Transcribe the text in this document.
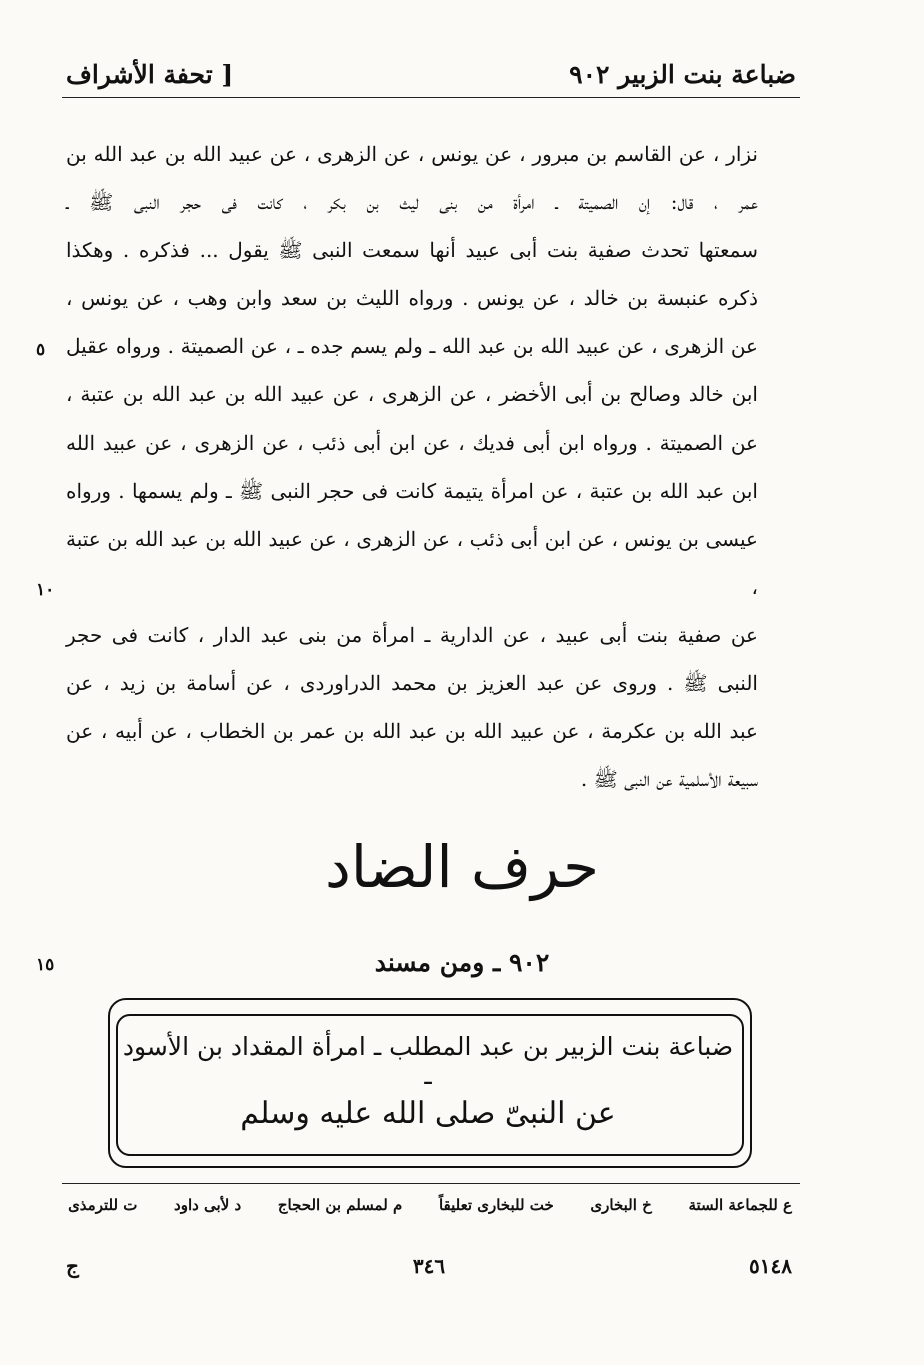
ضباعة بنت الزبير ٩٠٢
[ تحفة الأشراف

نزار ، عن القاسم بن مبرور ، عن يونس ، عن الزهرى ، عن عبيد الله بن عبد الله بن

عمر ، قال: إن الصميتة ـ امرأة من بنى ليث بن بكر ، كانت فى حجر النبى ﷺ ـ

سمعتها تحدث صفية بنت أبى عبيد أنها سمعت النبى ﷺ يقول ... فذكره . وهكذا

ذكره عنبسة بن خالد ، عن يونس . ورواه الليث بن سعد وابن وهب ، عن يونس ،

عن الزهرى ، عن عبيد الله بن عبد الله ـ ولم يسم جده ـ ، عن الصميتة . ورواه عقيل

ابن خالد وصالح بن أبى الأخضر ، عن الزهرى ، عن عبيد الله بن عبد الله بن عتبة ،

عن الصميتة . ورواه ابن أبى فديك ، عن ابن أبى ذئب ، عن الزهرى ، عن عبيد الله

ابن عبد الله بن عتبة ، عن امرأة يتيمة كانت فى حجر النبى ﷺ ـ ولم يسمها . ورواه

عيسى بن يونس ، عن ابن أبى ذئب ، عن الزهرى ، عن عبيد الله بن عبد الله بن عتبة ،

عن صفية بنت أبى عبيد ، عن الدارية ـ امرأة من بنى عبد الدار ، كانت فى حجر

النبى ﷺ . وروى عن عبد العزيز بن محمد الدراوردى ، عن أسامة بن زيد ، عن

عبد الله بن عكرمة ، عن عبيد الله بن عبد الله بن عمر بن الخطاب ، عن أبيه ، عن

سبيعة الأسلمية عن النبى ﷺ .

٥
١٠
١٥
حرف الضاد
٩٠٢ ـ ومن مسند
ضباعة بنت الزبير بن عبد المطلب ـ امرأة المقداد بن الأسود ـ
عن النبىّ صلى الله عليه وسلم
ع للجماعة الستة
خ البخارى
خت للبخارى تعليقاً
م لمسلم بن الحجاج
د لأبى داود
ت للترمذى
٥١٤٨
٣٤٦
ج
